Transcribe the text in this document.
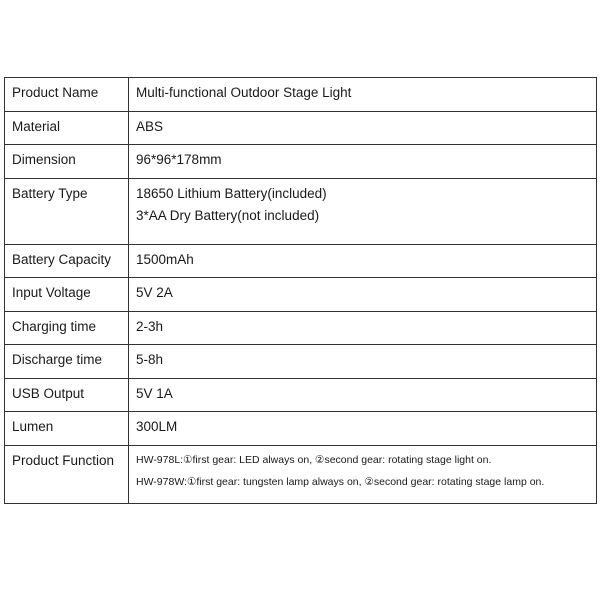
Product Name	Multi-functional Outdoor Stage Light
Material	ABS
Dimension	96*96*178mm
Battery Type	18650 Lithium Battery(included)
3*AA Dry Battery(not included)

Battery Capacity	1500mAh
Input Voltage	5V 2A
Charging time	2-3h
Discharge time	5-8h
USB Output	5V 1A
Lumen	300LM
Product Function	HW-978L:①first gear: LED always on, ②second gear: rotating stage light on.
HW-978W:①first gear: tungsten lamp always on, ②second gear: rotating stage lamp on.
